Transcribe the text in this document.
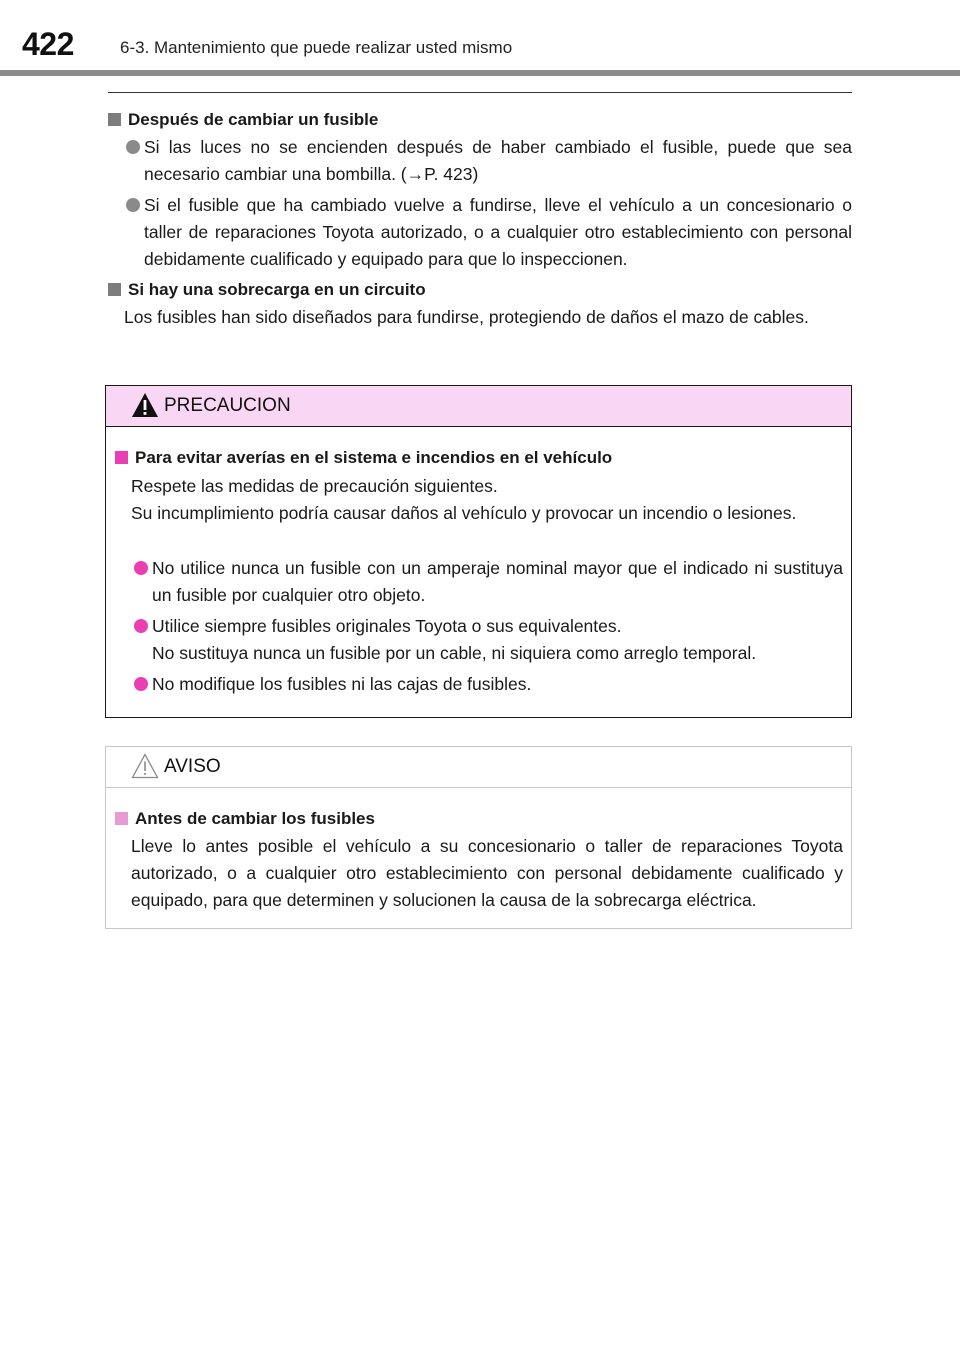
422	6-3. Mantenimiento que puede realizar usted mismo
Después de cambiar un fusible
Si las luces no se encienden después de haber cambiado el fusible, puede que sea necesario cambiar una bombilla. (→P. 423)
Si el fusible que ha cambiado vuelve a fundirse, lleve el vehículo a un concesionario o taller de reparaciones Toyota autorizado, o a cualquier otro establecimiento con personal debidamente cualificado y equipado para que lo inspeccionen.
Si hay una sobrecarga en un circuito
Los fusibles han sido diseñados para fundirse, protegiendo de daños el mazo de cables.
PRECAUCION
Para evitar averías en el sistema e incendios en el vehículo
Respete las medidas de precaución siguientes.
Su incumplimiento podría causar daños al vehículo y provocar un incendio o lesiones.
No utilice nunca un fusible con un amperaje nominal mayor que el indicado ni sustituya un fusible por cualquier otro objeto.
Utilice siempre fusibles originales Toyota o sus equivalentes.
No sustituya nunca un fusible por un cable, ni siquiera como arreglo temporal.
No modifique los fusibles ni las cajas de fusibles.
AVISO
Antes de cambiar los fusibles
Lleve lo antes posible el vehículo a su concesionario o taller de reparaciones Toyota autorizado, o a cualquier otro establecimiento con personal debidamente cualificado y equipado, para que determinen y solucionen la causa de la sobrecarga eléctrica.
